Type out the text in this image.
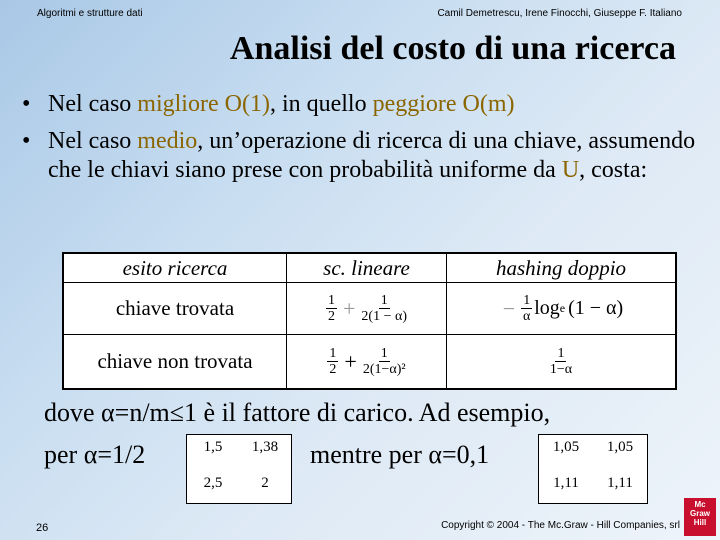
Algoritmi e strutture dati	Camil Demetrescu, Irene Finocchi, Giuseppe F. Italiano
Analisi del costo di una ricerca
• Nel caso migliore O(1), in quello peggiore O(m)
• Nel caso medio, un’operazione di ricerca di una chiave, assumendo che le chiavi siano prese con probabilità uniforme da U, costa:
esito ricerca	sc. lineare	hashing doppio
chiave trovata	$\frac{1}{2} + \frac{1}{2(1 - \alpha)}$	− $\frac{1}{\alpha}$ log e (1 − α)
chiave non trovata	$\frac{1}{2} + \frac{1}{\text{2(1−α)²}}$	$\frac{1}{1-\alpha}$
dove α=n/m≤1 è il fattore di carico. Ad esempio,
per α=1/2	1,5	1,38
2,5	2
mentre per α=0,1	1,05	1,05
1,11	1,11
26	Copyright © 2004 - The Mc.Graw - Hill Companies, srl
Mc Graw Hill
